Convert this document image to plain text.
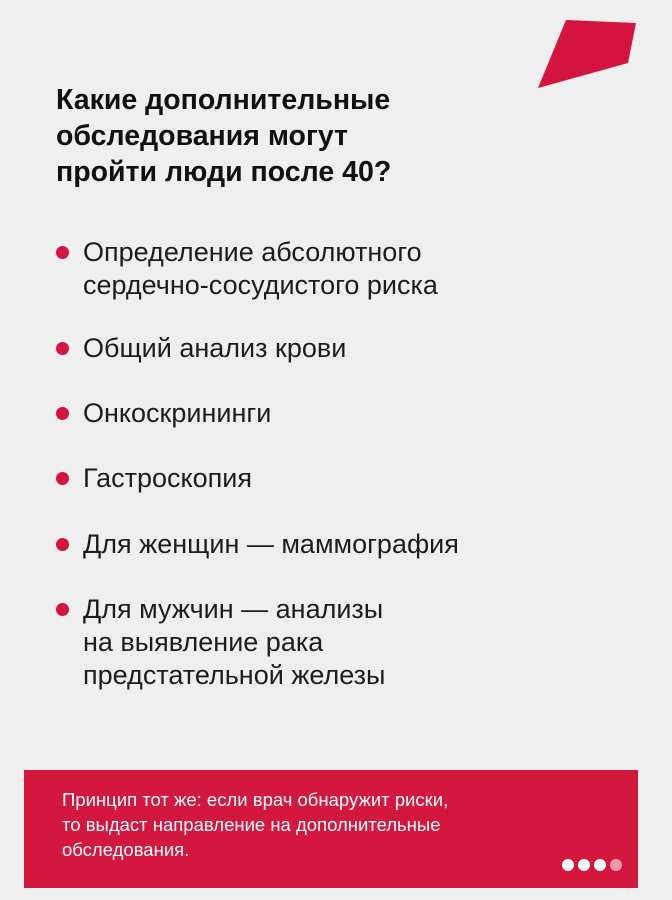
Какие дополнительные
обследования могут
пройти люди после 40?
Определение абсолютного
сердечно-сосудистого риска
Общий анализ крови
Онкоскрининги
Гастроскопия
Для женщин — маммография
Для мужчин — анализы
на выявление рака
предстательной железы
Принцип тот же: если врач обнаружит риски,
то выдаст направление на дополнительные
обследования.
